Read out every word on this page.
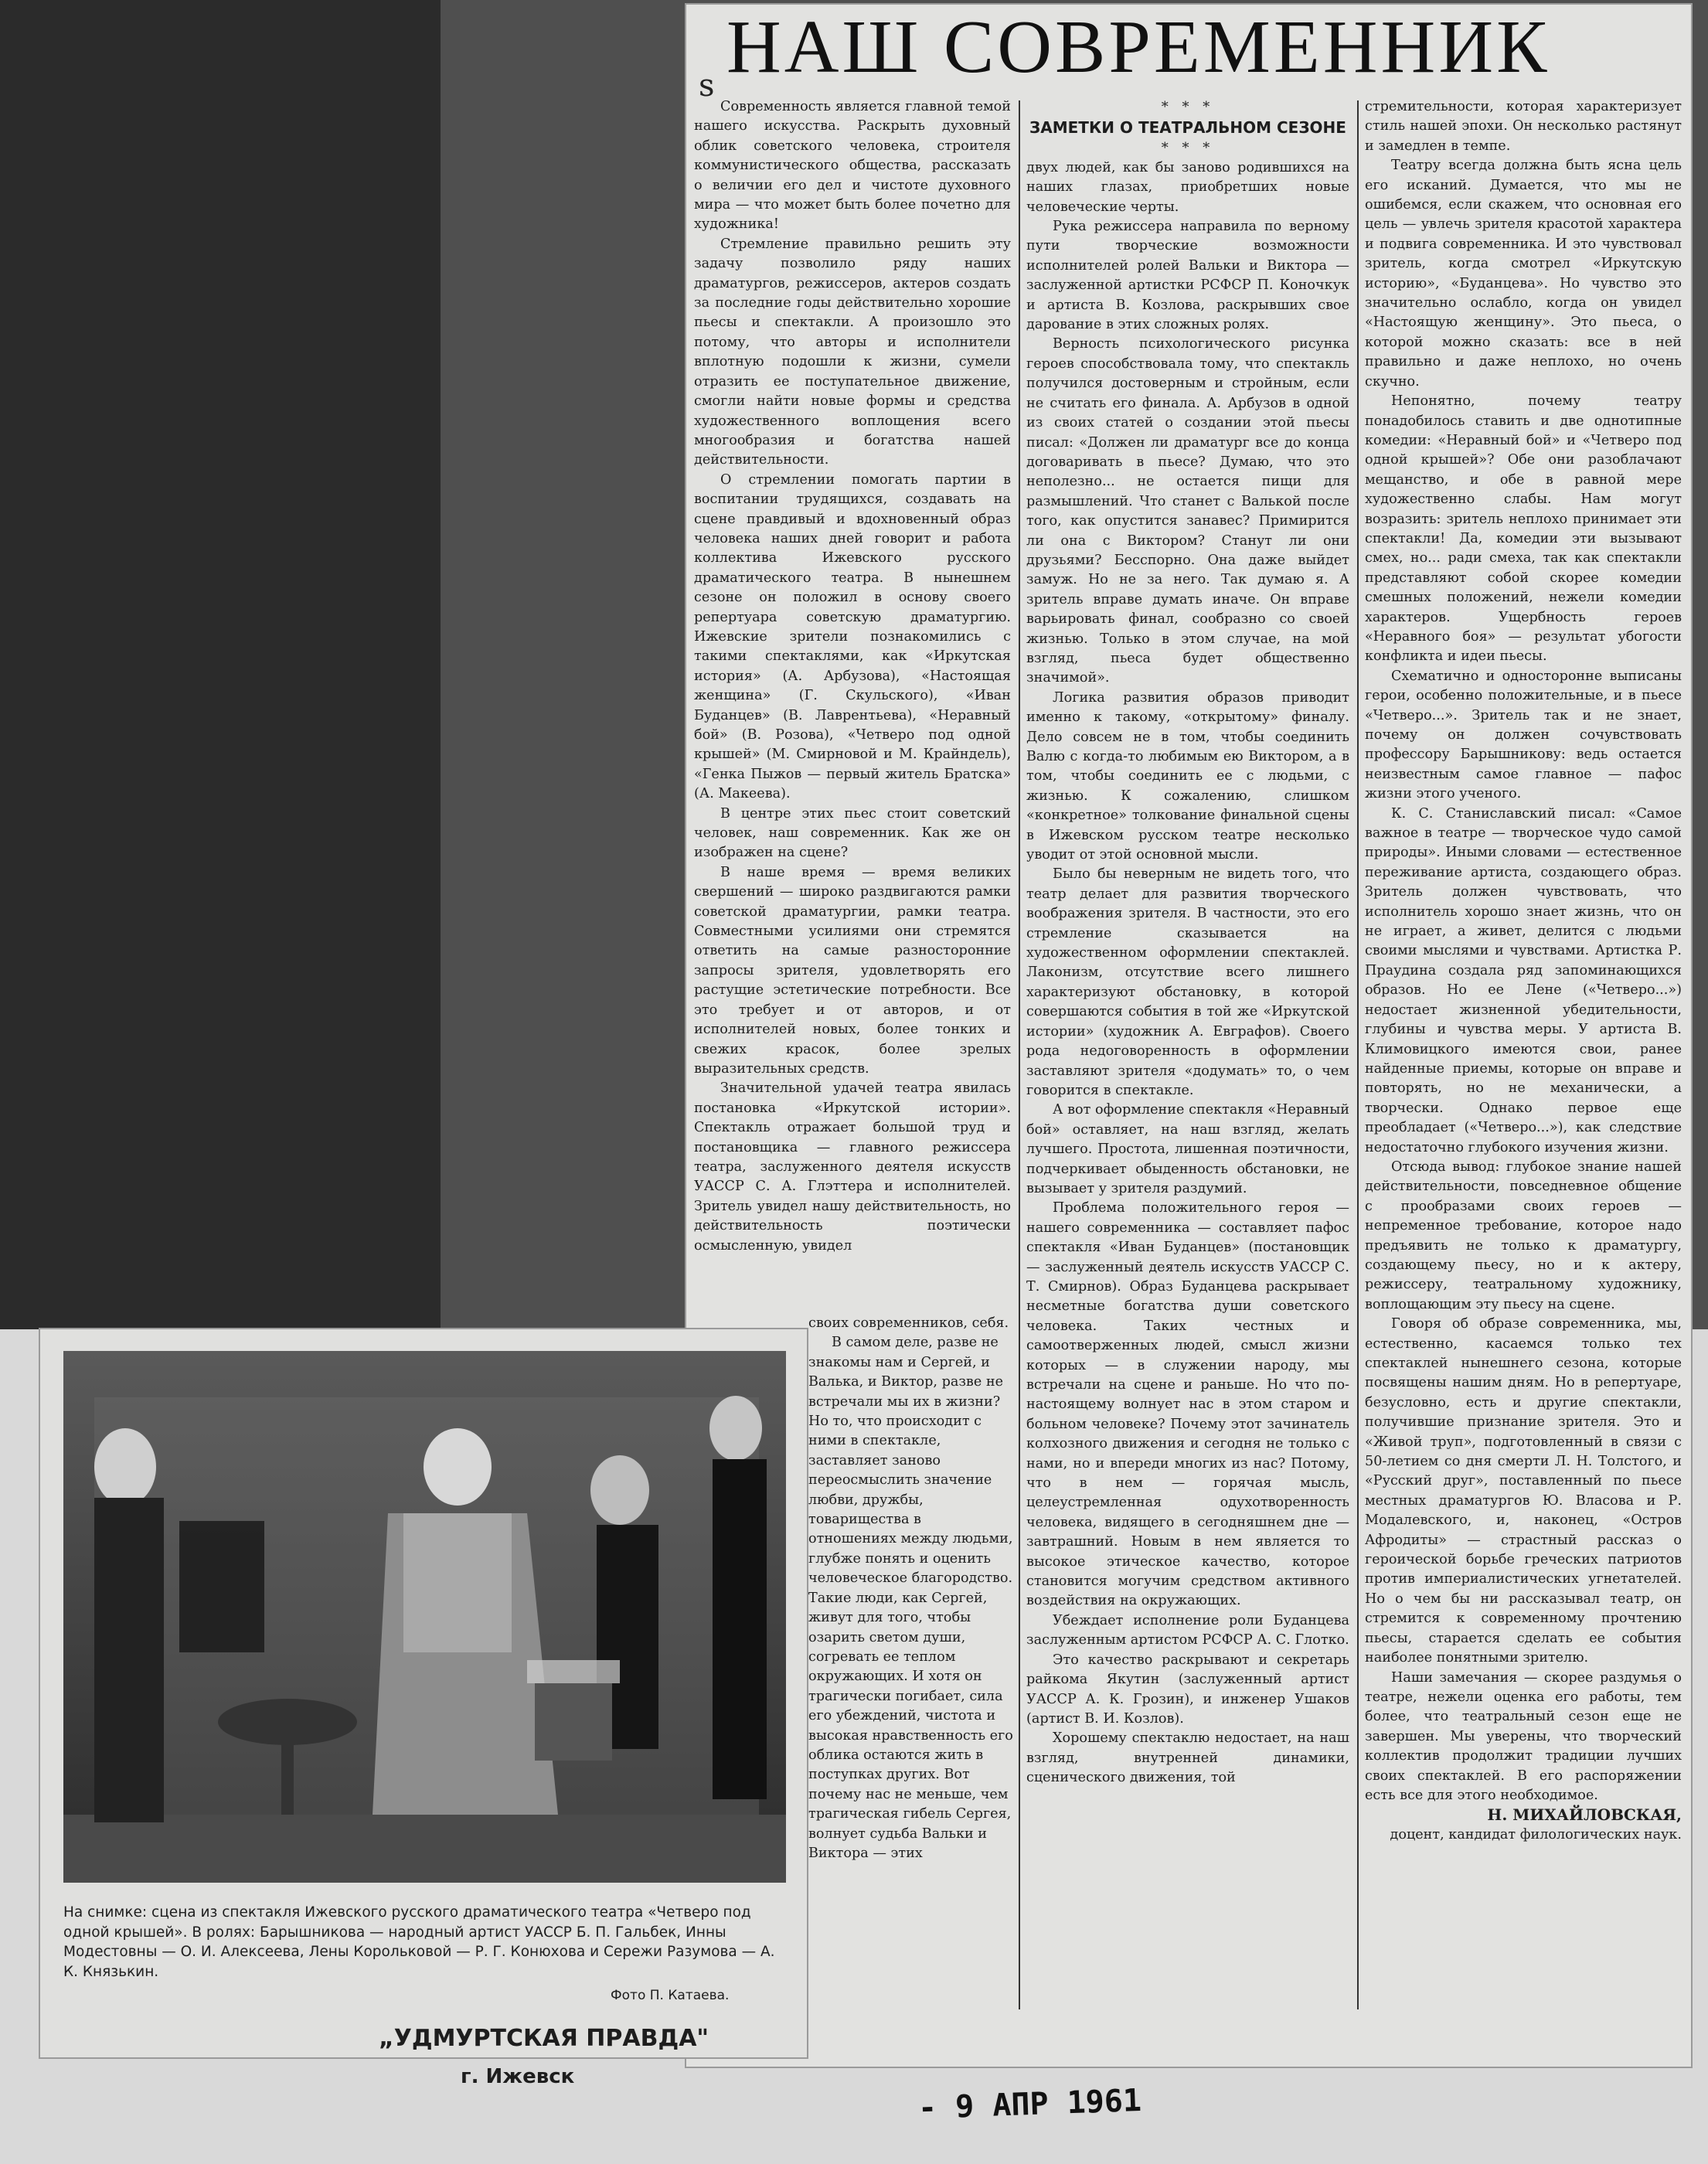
s НАШ СОВРЕМЕННИК

Современность является главной темой нашего искусства. Раскрыть духовный облик советского человека, строителя коммунистического общества, рассказать о величии его дел и чистоте духовного мира — что может быть более почетно для художника!

Стремление правильно решить эту задачу позволило ряду наших драматургов, режиссеров, актеров создать за последние годы действительно хорошие пьесы и спектакли. А произошло это потому, что авторы и исполнители вплотную подошли к жизни, сумели отразить ее поступательное движение, смогли найти новые формы и средства художественного воплощения всего многообразия и богатства нашей действительности.

О стремлении помогать партии в воспитании трудящихся, создавать на сцене правдивый и вдохновенный образ человека наших дней говорит и работа коллектива Ижевского русского драматического театра. В нынешнем сезоне он положил в основу своего репертуара советскую драматургию. Ижевские зрители познакомились с такими спектаклями, как «Иркутская история» (А. Арбузова), «Настоящая женщина» (Г. Скульского), «Иван Буданцев» (В. Лаврентьева), «Неравный бой» (В. Розова), «Четверо под одной крышей» (М. Смирновой и М. Крайндель), «Генка Пыжов — первый житель Братска» (А. Макеева).

В центре этих пьес стоит советский человек, наш современник. Как же он изображен на сцене?

В наше время — время великих свершений — широко раздвигаются рамки советской драматургии, рамки театра. Совместными усилиями они стремятся ответить на самые разносторонние запросы зрителя, удовлетворять его растущие эстетические потребности. Все это требует и от авторов, и от исполнителей новых, более тонких и свежих красок, более зрелых выразительных средств.

Значительной удачей театра явилась постановка «Иркутской истории». Спектакль отражает большой труд и постановщика — главного режиссера театра, заслуженного деятеля искусств УАССР С. А. Глэттера и исполнителей. Зритель увидел нашу действительность, но действительность поэтически осмысленную, увидел

своих современников, себя.

В самом деле, разве не знакомы нам и Сергей, и Валька, и Виктор, разве не встречали мы их в жизни? Но то, что происходит с ними в спектакле, заставляет заново переосмыслить значение любви, дружбы, товарищества в отношениях между людьми, глубже понять и оценить человеческое благородство. Такие люди, как Сергей, живут для того, чтобы озарить светом души, согревать ее теплом окружающих. И хотя он трагически погибает, сила его убеждений, чистота и высокая нравственность его облика остаются жить в поступках других. Вот почему нас не меньше, чем трагическая гибель Сергея, волнует судьба Вальки и Виктора — этих

* * *

ЗАМЕТКИ О ТЕАТРАЛЬНОМ СЕЗОНЕ

* * *

двух людей, как бы заново родившихся на наших глазах, приобретших новые человеческие черты.

Рука режиссера направила по верному пути творческие возможности исполнителей ролей Вальки и Виктора — заслуженной артистки РСФСР П. Коночкук и артиста В. Козлова, раскрывших свое дарование в этих сложных ролях.

Верность психологического рисунка героев способствовала тому, что спектакль получился достоверным и стройным, если не считать его финала. А. Арбузов в одной из своих статей о создании этой пьесы писал: «Должен ли драматург все до конца договаривать в пьесе? Думаю, что это неполезно... не остается пищи для размышлений. Что станет с Валькой после того, как опустится занавес? Примирится ли она с Виктором? Станут ли они друзьями? Бесспорно. Она даже выйдет замуж. Но не за него. Так думаю я. А зритель вправе думать иначе. Он вправе варьировать финал, сообразно со своей жизнью. Только в этом случае, на мой взгляд, пьеса будет общественно значимой».

Логика развития образов приводит именно к такому, «открытому» финалу. Дело совсем не в том, чтобы соединить Валю с когда-то любимым ею Виктором, а в том, чтобы соединить ее с людьми, с жизнью. К сожалению, слишком «конкретное» толкование финальной сцены в Ижевском русском театре несколько уводит от этой основной мысли.

Было бы неверным не видеть того, что театр делает для развития творческого воображения зрителя. В частности, это его стремление сказывается на художественном оформлении спектаклей. Лаконизм, отсутствие всего лишнего характеризуют обстановку, в которой совершаются события в той же «Иркутской истории» (художник А. Евграфов). Своего рода недоговоренность в оформлении заставляют зрителя «додумать» то, о чем говорится в спектакле.

А вот оформление спектакля «Неравный бой» оставляет, на наш взгляд, желать лучшего. Простота, лишенная поэтичности, подчеркивает обыденность обстановки, не вызывает у зрителя раздумий.

Проблема положительного героя — нашего современника — составляет пафос спектакля «Иван Буданцев» (постановщик — заслуженный деятель искусств УАССР С. Т. Смирнов). Образ Буданцева раскрывает несметные богатства души советского человека. Таких честных и самоотверженных людей, смысл жизни которых — в служении народу, мы встречали на сцене и раньше. Но что по-настоящему волнует нас в этом старом и больном человеке? Почему этот зачинатель колхозного движения и сегодня не только с нами, но и впереди многих из нас? Потому, что в нем — горячая мысль, целеустремленная одухотворенность человека, видящего в сегодняшнем дне — завтрашний. Новым в нем является то высокое этическое качество, которое становится могучим средством активного воздействия на окружающих.

Убеждает исполнение роли Буданцева заслуженным артистом РСФСР А. С. Глотко.

Это качество раскрывают и секретарь райкома Якутин (заслуженный артист УАССР А. К. Грозин), и инженер Ушаков (артист В. И. Козлов).

Хорошему спектаклю недостает, на наш взгляд, внутренней динамики, сценического движения, той

стремительности, которая характеризует стиль нашей эпохи. Он несколько растянут и замедлен в темпе.

Театру всегда должна быть ясна цель его исканий. Думается, что мы не ошибемся, если скажем, что основная его цель — увлечь зрителя красотой характера и подвига современника. И это чувствовал зритель, когда смотрел «Иркутскую историю», «Буданцева». Но чувство это значительно ослабло, когда он увидел «Настоящую женщину». Это пьеса, о которой можно сказать: все в ней правильно и даже неплохо, но очень скучно.

Непонятно, почему театру понадобилось ставить и две однотипные комедии: «Неравный бой» и «Четверо под одной крышей»? Обе они разоблачают мещанство, и обе в равной мере художественно слабы. Нам могут возразить: зритель неплохо принимает эти спектакли! Да, комедии эти вызывают смех, но... ради смеха, так как спектакли представляют собой скорее комедии смешных положений, нежели комедии характеров. Ущербность героев «Неравного боя» — результат убогости конфликта и идеи пьесы.

Схематично и односторонне выписаны герои, особенно положительные, и в пьесе «Четверо...». Зритель так и не знает, почему он должен сочувствовать профессору Барышникову: ведь остается неизвестным самое главное — пафос жизни этого ученого.

К. С. Станиславский писал: «Самое важное в театре — творческое чудо самой природы». Иными словами — естественное переживание артиста, создающего образ. Зритель должен чувствовать, что исполнитель хорошо знает жизнь, что он не играет, а живет, делится с людьми своими мыслями и чувствами. Артистка Р. Праудина создала ряд запоминающихся образов. Но ее Лене («Четверо...») недостает жизненной убедительности, глубины и чувства меры. У артиста В. Климовицкого имеются свои, ранее найденные приемы, которые он вправе и повторять, но не механически, а творчески. Однако первое еще преобладает («Четверо...»), как следствие недостаточно глубокого изучения жизни.

Отсюда вывод: глубокое знание нашей действительности, повседневное общение с прообразами своих героев — непременное требование, которое надо предъявить не только к драматургу, создающему пьесу, но и к актеру, режиссеру, театральному художнику, воплощающим эту пьесу на сцене.

Говоря об образе современника, мы, естественно, касаемся только тех спектаклей нынешнего сезона, которые посвящены нашим дням. Но в репертуаре, безусловно, есть и другие спектакли, получившие признание зрителя. Это и «Живой труп», подготовленный в связи с 50-летием со дня смерти Л. Н. Толстого, и «Русский друг», поставленный по пьесе местных драматургов Ю. Власова и Р. Модалевского, и, наконец, «Остров Афродиты» — страстный рассказ о героической борьбе греческих патриотов против империалистических угнетателей. Но о чем бы ни рассказывал театр, он стремится к современному прочтению пьесы, старается сделать ее события наиболее понятными зрителю.

Наши замечания — скорее раздумья о театре, нежели оценка его работы, тем более, что театральный сезон еще не завершен. Мы уверены, что творческий коллектив продолжит традиции лучших своих спектаклей. В его распоряжении есть все для этого необходимое.

Н. МИХАЙЛОВСКАЯ,

доцент, кандидат филологических наук.

На снимке: сцена из спектакля Ижевского русского драматического театра «Четверо под одной крышей». В ролях: Барышникова — народный артист УАССР Б. П. Гальбек, Инны Модестовны — О. И. Алексеева, Лены Корольковой — Р. Г. Конюхова и Сережи Разумова — А. К. Князькин.
Фото П. Катаева.
„УДМУРТСКАЯ ПРАВДА"
г. Ижевск
- 9 АПР 1961
